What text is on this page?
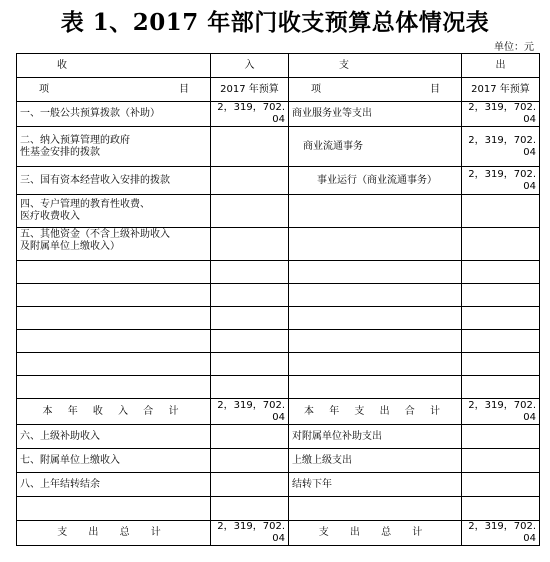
表 1、2017 年部门收支预算总体情况表
单位：元
收	入	支	出
项 目	2017 年预算	项 目	2017 年预算
一、一般公共预算拨款（补助）	2，319，702. 04	商业服务业等支出	2，319，702. 04

二、纳入预算管理的政府
性基金安排的拨款		商业流通事务	2，319，702. 04
三、国有资本经营收入安排的拨款		事业运行（商业流通事务）	2，319，702. 04

四、专户管理的教育性收费、
医疗收费收入			

五、其他资金（不含上级补助收入
及附属单位上缴收入）			

本 年 收 入 合 计	2，319，702. 04	本 年 支 出 合 计	2，319，702. 04
六、上级补助收入		对附属单位补助支出	
七、附属单位上缴收入		上缴上级支出	
八、上年结转结余		结转下年	

支 出 总 计	2，319，702. 04	支 出 总 计	2，319，702. 04
